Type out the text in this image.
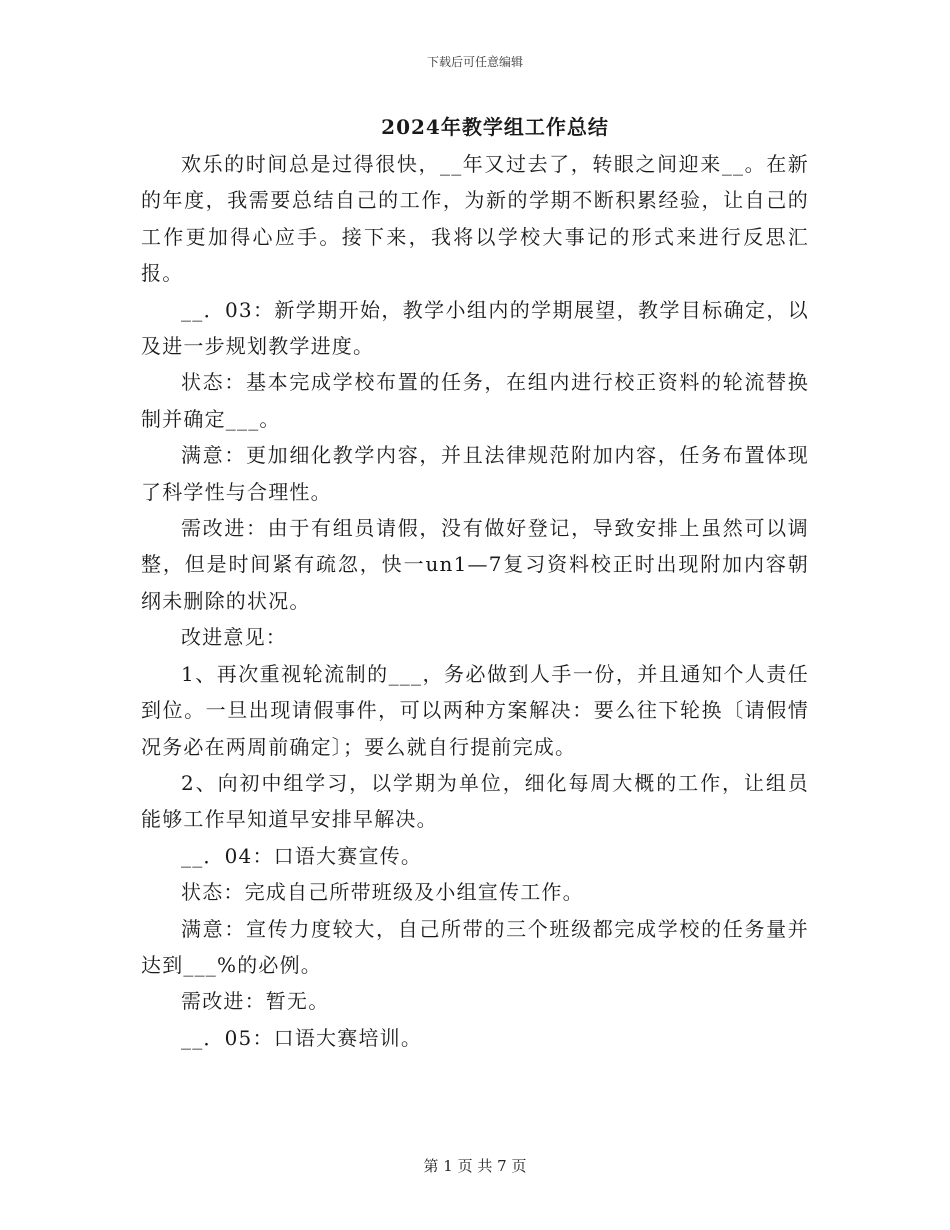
下载后可任意编辑
2024年教学组工作总结

欢乐的时间总是过得很快，__年又过去了，转眼之间迎来__。在新的年度，我需要总结自己的工作，为新的学期不断积累经验，让自己的工作更加得心应手。接下来，我将以学校大事记的形式来进行反思汇报。

__．03：新学期开始，教学小组内的学期展望，教学目标确定，以及进一步规划教学进度。

状态：基本完成学校布置的任务，在组内进行校正资料的轮流替换制并确定___。

满意：更加细化教学内容，并且法律规范附加内容，任务布置体现了科学性与合理性。

需改进：由于有组员请假，没有做好登记，导致安排上虽然可以调整，但是时间紧有疏忽，快一un1—7复习资料校正时出现附加内容朝纲未删除的状况。

改进意见：

1、再次重视轮流制的___，务必做到人手一份，并且通知个人责任到位。一旦出现请假事件，可以两种方案解决：要么往下轮换〔请假情况务必在两周前确定〕；要么就自行提前完成。

2、向初中组学习，以学期为单位，细化每周大概的工作，让组员能够工作早知道早安排早解决。

__．04：口语大赛宣传。

状态：完成自己所带班级及小组宣传工作。

满意：宣传力度较大，自己所带的三个班级都完成学校的任务量并达到___%的必例。

需改进：暂无。

__．05：口语大赛培训。

第 1 页 共 7 页
